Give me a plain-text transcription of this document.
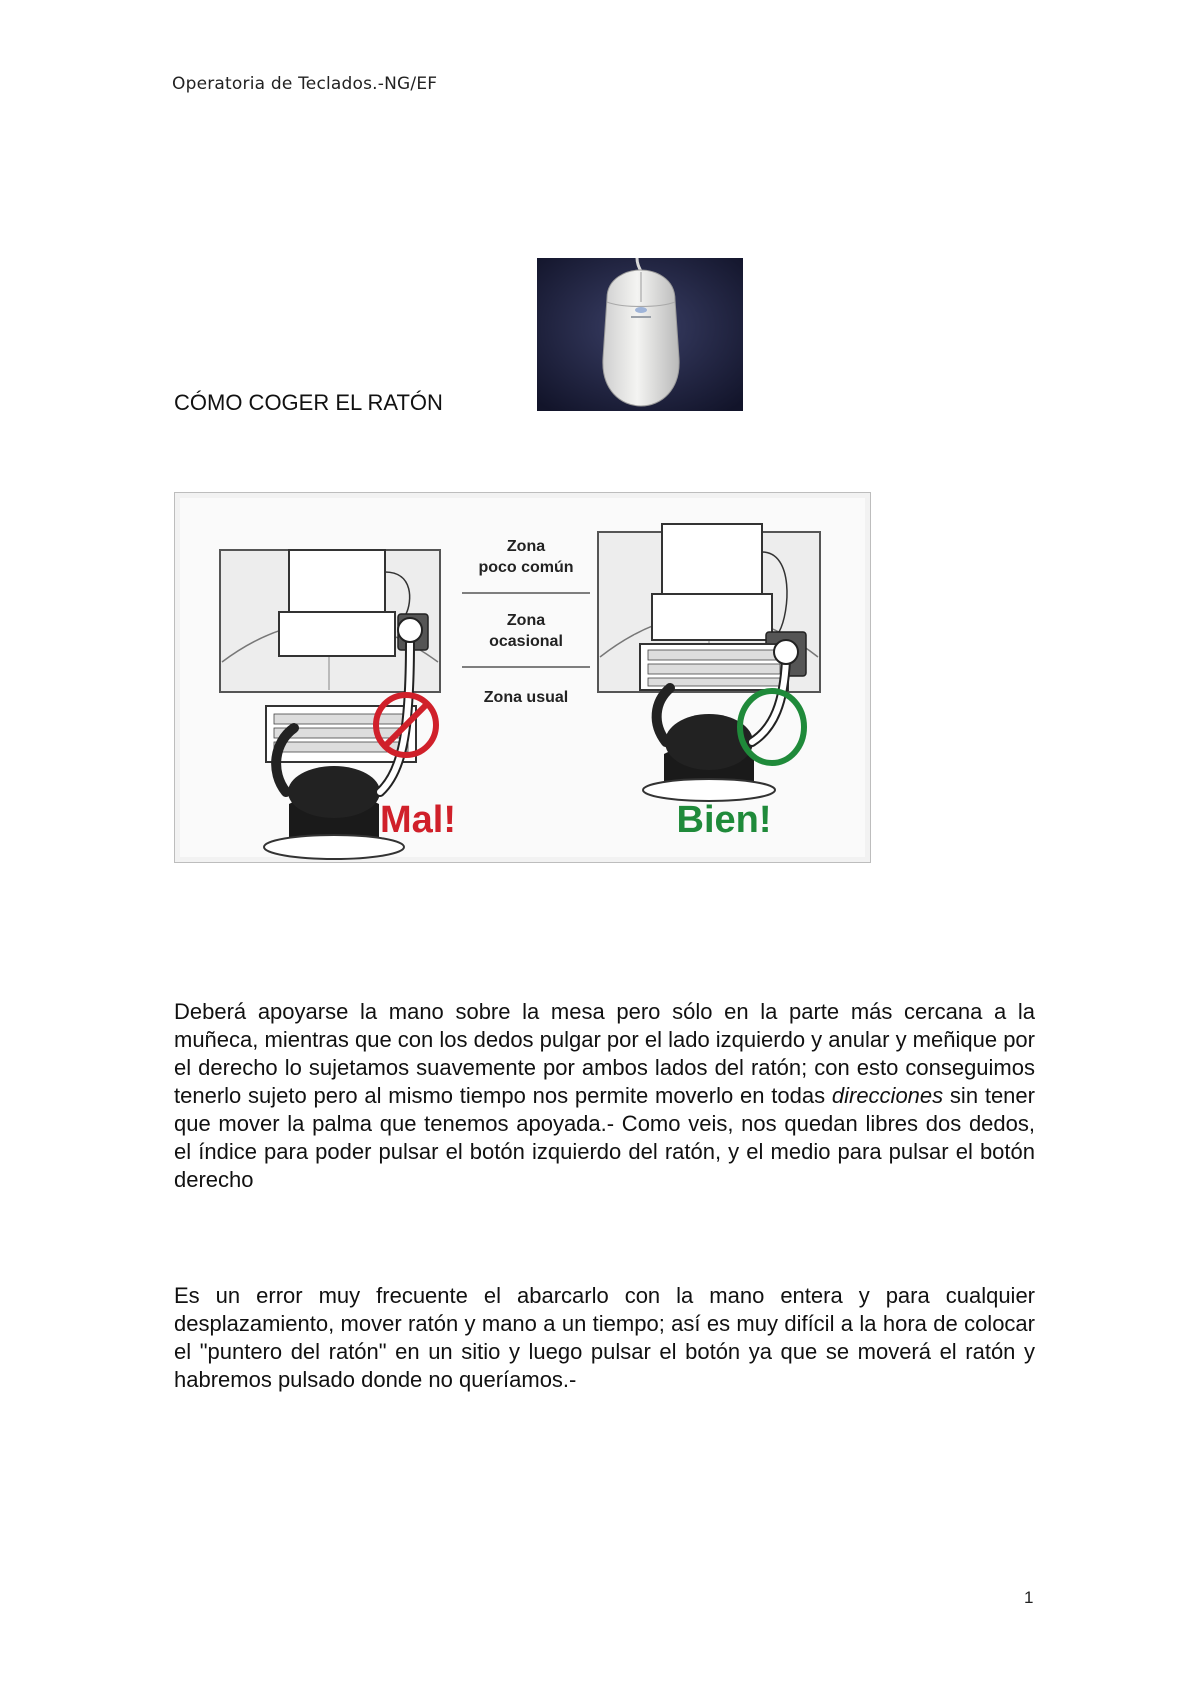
Operatoria de Teclados.-NG/EF
CÓMO COGER EL RATÓN
Zona
poco común
Zona
ocasional
Zona usual
Mal!	Bien!
Deberá apoyarse la mano sobre la mesa pero sólo en la parte más cercana a la muñeca, mientras que con los dedos pulgar por el lado izquierdo y anular y meñique por el derecho lo sujetamos suavemente por ambos lados del ratón; con esto conseguimos tenerlo sujeto pero al mismo tiempo nos permite moverlo en todas direcciones sin tener que mover la palma que tenemos apoyada.- Como veis, nos quedan libres dos dedos, el índice para poder pulsar el botón izquierdo del ratón, y el medio para pulsar el botón derecho
Es un error muy frecuente el abarcarlo con la mano entera y para cualquier desplazamiento, mover ratón y mano a un tiempo; así es muy difícil a la hora de colocar el "puntero del ratón" en un sitio y luego pulsar el botón ya que se moverá el ratón y habremos pulsado donde no queríamos.-
1
